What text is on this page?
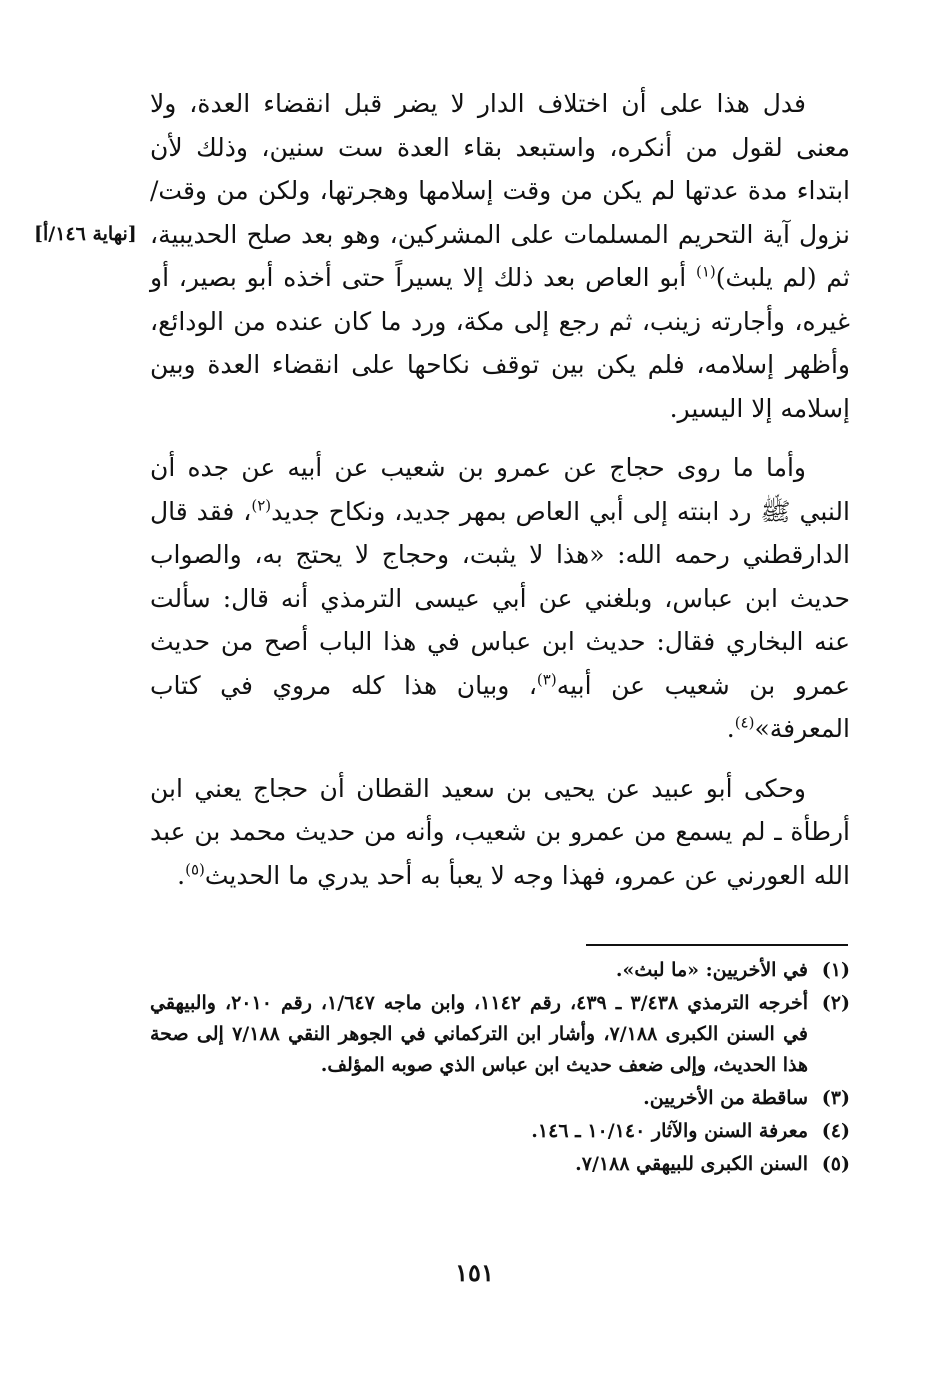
فدل هذا على أن اختلاف الدار لا يضر قبل انقضاء العدة، ولا معنى لقول من أنكره، واستبعد بقاء العدة ست سنين، وذلك لأن ابتداء مدة عدتها لم يكن من وقت إسلامها وهجرتها، ولكن من وقت/ نزول آية التحريم المسلمات على المشركين، وهو بعد صلح الحديبية، ثم (لم يلبث)$^{(١)}$ أبو العاص بعد ذلك إلا يسيراً حتى أخذه أبو بصير، أو غيره، وأجارته زينب، ثم رجع إلى مكة، ورد ما كان عنده من الودائع، وأظهر إسلامه، فلم يكن بين توقف نكاحها على انقضاء العدة وبين إسلامه إلا اليسير.

وأما ما روى حجاج عن عمرو بن شعيب عن أبيه عن جده أن النبي ﷺ رد ابنته إلى أبي العاص بمهر جديد، ونكاح جديد$^{(٢)}$، فقد قال الدارقطني رحمه الله: «هذا لا يثبت، وحجاج لا يحتج به، والصواب حديث ابن عباس، وبلغني عن أبي عيسى الترمذي أنه قال: سألت عنه البخاري فقال: حديث ابن عباس في هذا الباب أصح من حديث عمرو بن شعيب عن أبيه$^{(٣)}$، وبيان هذا كله مروي في كتاب المعرفة»$^{(٤)}$.

وحكى أبو عبيد عن يحيى بن سعيد القطان أن حجاج يعني ابن أرطأة ـ لم يسمع من عمرو بن شعيب، وأنه من حديث محمد بن عبد الله العورني عن عمرو، فهذا وجه لا يعبأ به أحد يدري ما الحديث$^{(٥)}$.

[نهاية ١٤٦/أ]
(١)
في الأخريين: «ما لبث».
(٢)
أخرجه الترمذي ٣/٤٣٨ ـ ٤٣٩، رقم ١١٤٢، وابن ماجه ١/٦٤٧، رقم ٢٠١٠، والبيهقي في السنن الكبرى ٧/١٨٨، وأشار ابن التركماني في الجوهر النقي ٧/١٨٨ إلى صحة هذا الحديث، وإلى ضعف حديث ابن عباس الذي صوبه المؤلف.
(٣)
ساقطة من الأخريين.
(٤)
معرفة السنن والآثار ١٠/١٤٠ ـ ١٤٦.
(٥)
السنن الكبرى للبيهقي ٧/١٨٨.
١٥١
